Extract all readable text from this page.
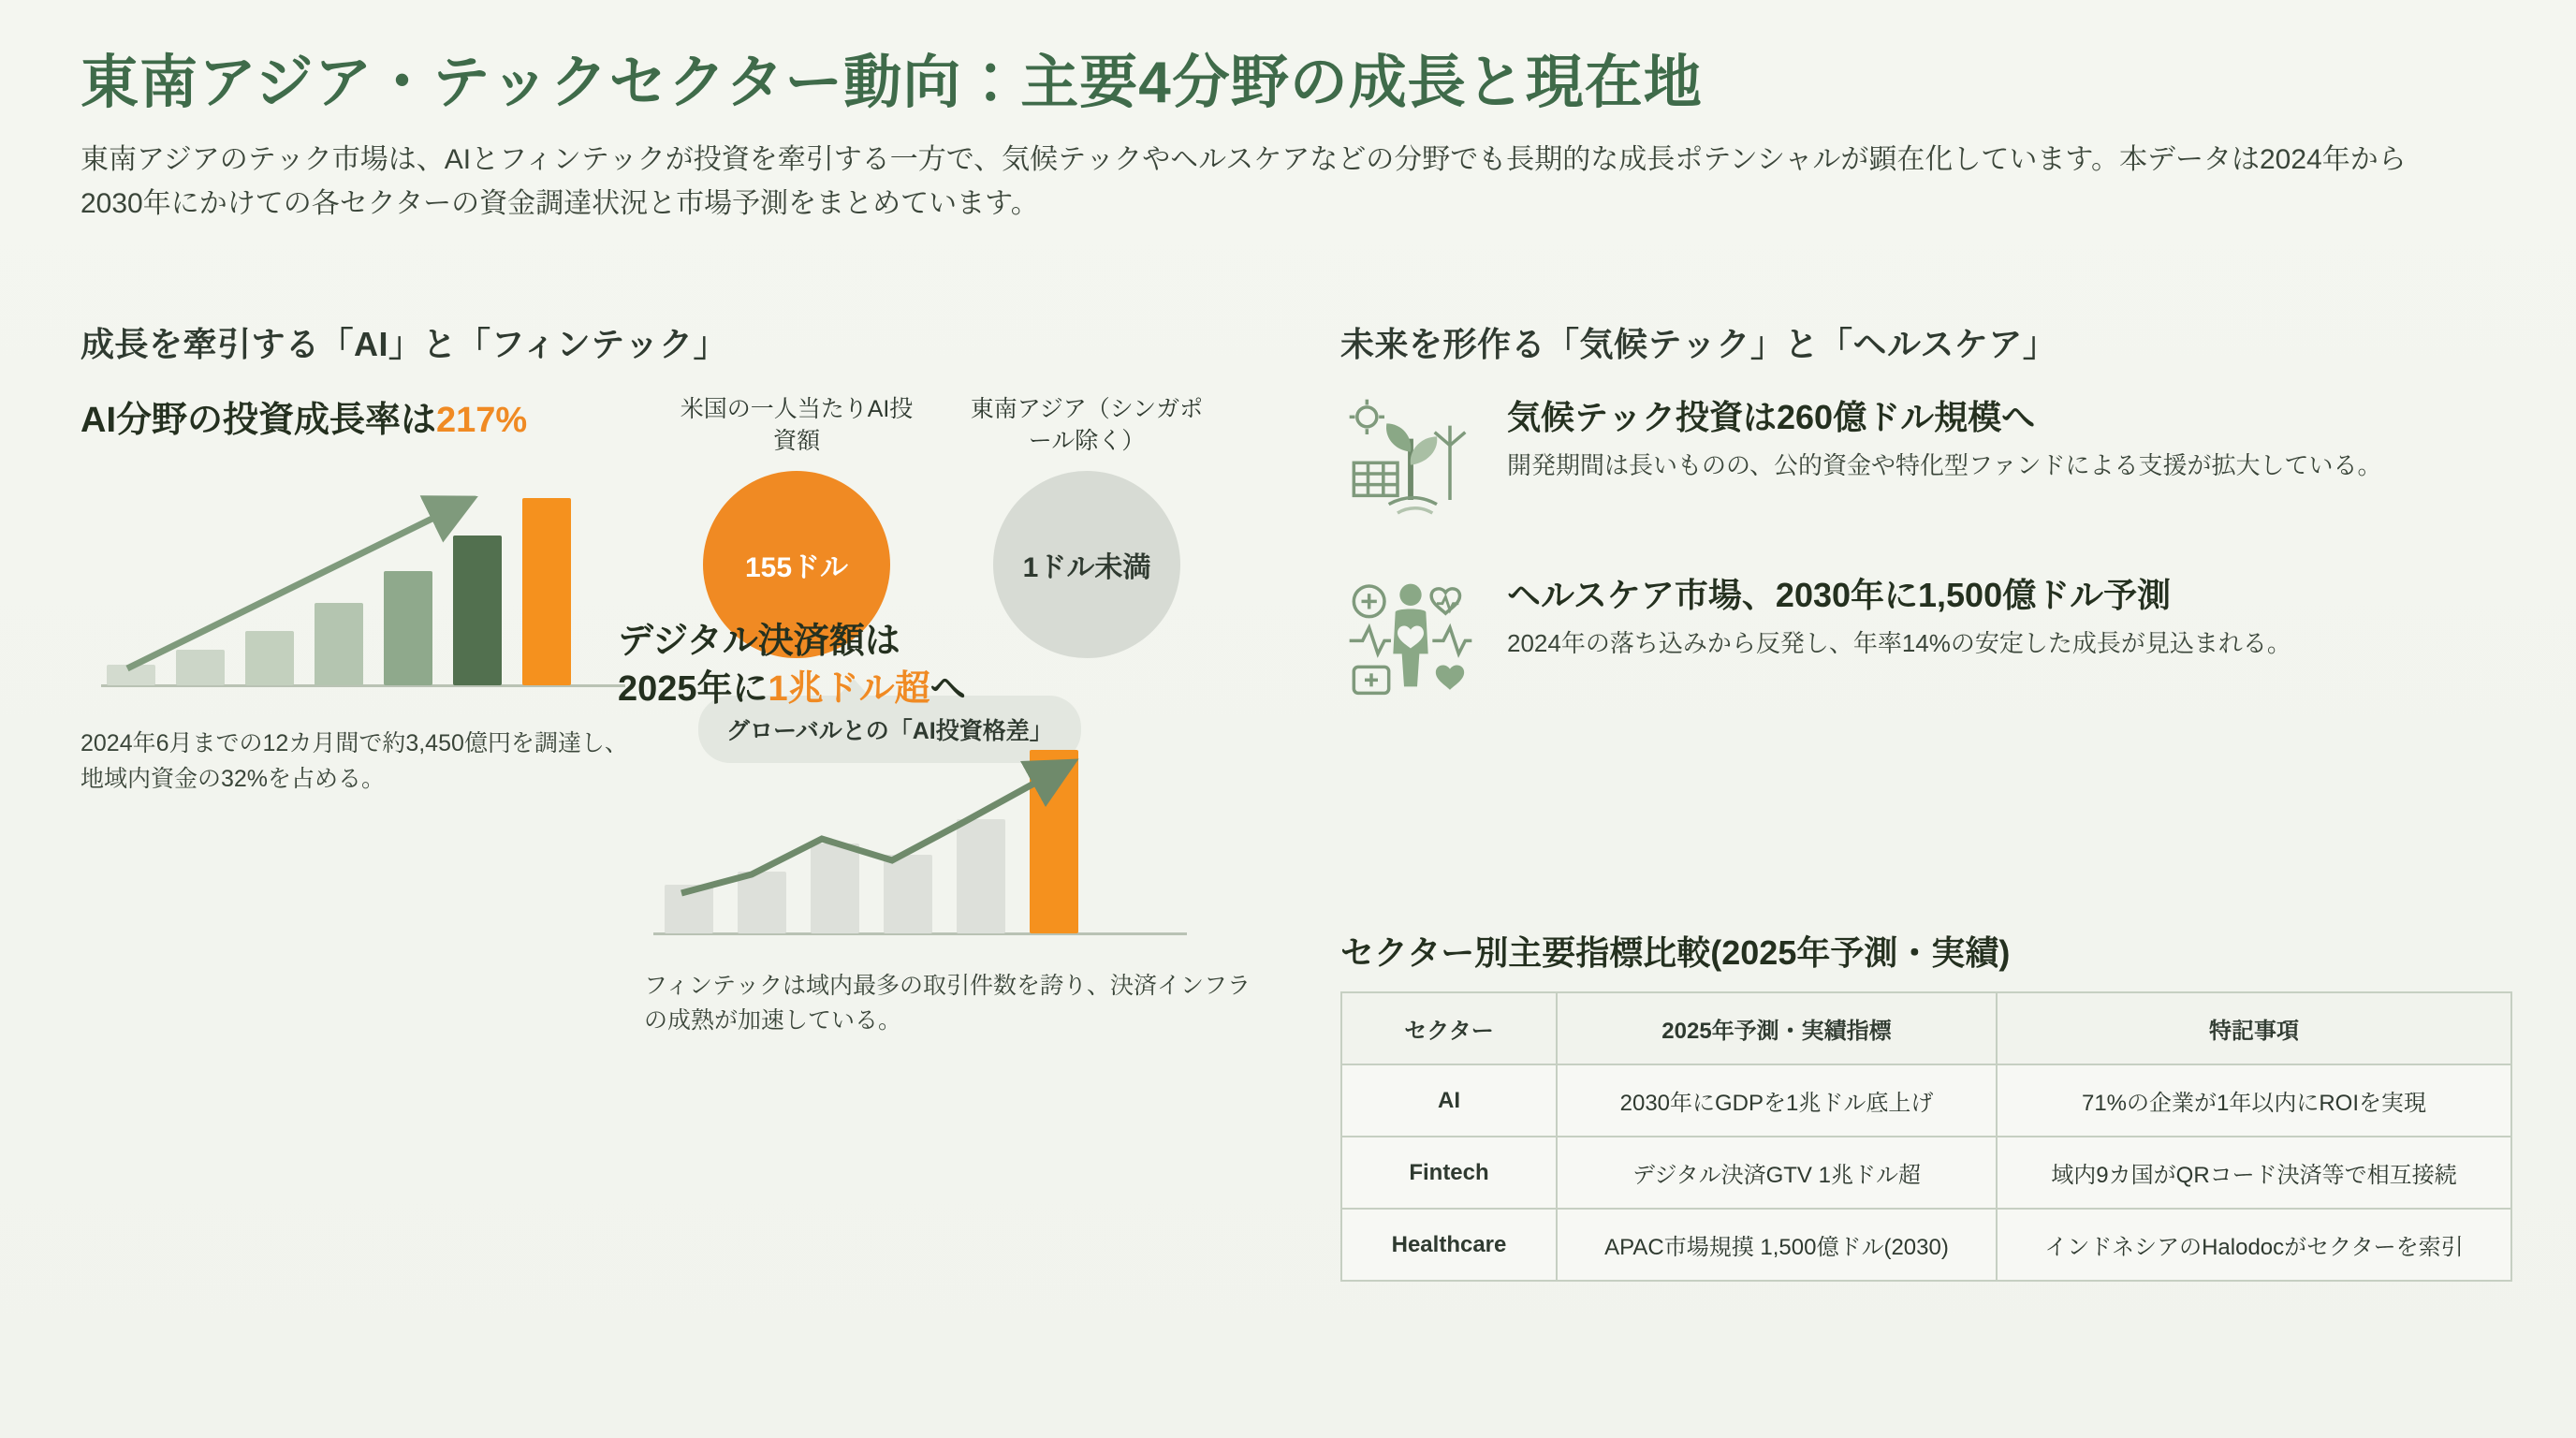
東南アジア・テックセクター動向：主要4分野の成長と現在地
東南アジアのテック市場は、AIとフィンテックが投資を牽引する一方で、気候テックやヘルスケアなどの分野でも長期的な成長ポテンシャルが顕在化しています。本データは2024年から2030年にかけての各セクターの資金調達状況と市場予測をまとめています。
成長を牽引する「AI」と「フィンテック」
AI分野の投資成長率は217%
2024年6月までの12カ月間で約3,450億円を調達し、地域内資金の32%を占める。
米国の一人当たりAI投資額
東南アジア（シンガポール除く）
155ドル	1ドル未満
グローバルとの「AI投資格差」
デジタル決済額は
2025年に1兆ドル超へ
フィンテックは域内最多の取引件数を誇り、決済インフラの成熟が加速している。
未来を形作る「気候テック」と「ヘルスケア」
気候テック投資は260億ドル規模へ

開発期間は長いものの、公的資金や特化型ファンドによる支援が拡大している。

ヘルスケア市場、2030年に1,500億ドル予測

2024年の落ち込みから反発し、年率14%の安定した成長が見込まれる。

セクター別主要指標比較(2025年予測・実績)
セクター	2025年予測・実績指標	特記事項
AI	2030年にGDPを1兆ドル底上げ	71%の企業が1年以内にROIを実現
Fintech	デジタル決済GTV 1兆ドル超	域内9カ国がQRコード決済等で相互接続
Healthcare	APAC市場規摸 1,500億ドル(2030)	インドネシアのHalodocがセクターを索引
